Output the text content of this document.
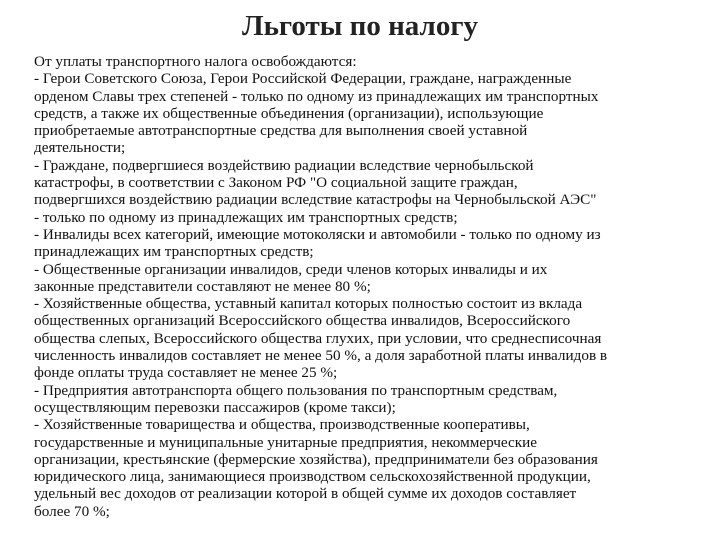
Льготы по налогу
От уплаты транспортного налога освобождаются:
- Герои Советского Союза, Герои Российской Федерации, граждане, награжденные
орденом Славы трех степеней - только по одному из принадлежащих им транспортных
средств, а также их общественные объединения (организации), использующие
приобретаемые автотранспортные средства для выполнения своей уставной
деятельности;
- Граждане, подвергшиеся воздействию радиации вследствие чернобыльской
катастрофы, в соответствии с Законом РФ "О социальной защите граждан,
подвергшихся воздействию радиации вследствие катастрофы на Чернобыльской АЭС"
- только по одному из принадлежащих им транспортных средств;
- Инвалиды всех категорий, имеющие мотоколяски и автомобили - только по одному из
принадлежащих им транспортных средств;
- Общественные организации инвалидов, среди членов которых инвалиды и их
законные представители составляют не менее 80 %;
- Хозяйственные общества, уставный капитал которых полностью состоит из вклада
общественных организаций Всероссийского общества инвалидов, Всероссийского
общества слепых, Всероссийского общества глухих, при условии, что среднесписочная
численность инвалидов составляет не менее 50 %, а доля заработной платы инвалидов в
фонде оплаты труда составляет не менее 25 %;
- Предприятия автотранспорта общего пользования по транспортным средствам,
осуществляющим перевозки пассажиров (кроме такси);
- Хозяйственные товарищества и общества, производственные кооперативы,
государственные и муниципальные унитарные предприятия, некоммерческие
организации, крестьянские (фермерские хозяйства), предприниматели без образования
юридического лица, занимающиеся производством сельскохозяйственной продукции,
удельный вес доходов от реализации которой в общей сумме их доходов составляет
более 70 %;
